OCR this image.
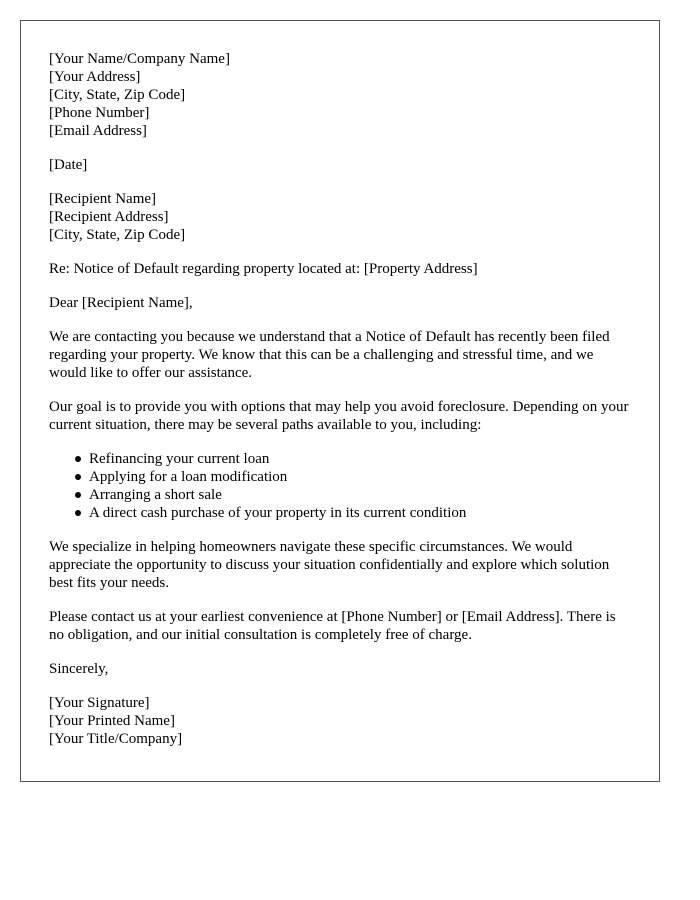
[Your Name/Company Name]

[Your Address]

[City, State, Zip Code]

[Phone Number]

[Email Address]

[Date]

[Recipient Name]

[Recipient Address]

[City, State, Zip Code]

Re: Notice of Default regarding property located at: [Property Address]

Dear [Recipient Name],

We are contacting you because we understand that a Notice of Default has recently been filed regarding your property. We know that this can be a challenging and stressful time, and we would like to offer our assistance.

Our goal is to provide you with options that may help you avoid foreclosure. Depending on your current situation, there may be several paths available to you, including:

Refinancing your current loan
Applying for a loan modification
Arranging a short sale
A direct cash purchase of your property in its current condition

We specialize in helping homeowners navigate these specific circumstances. We would appreciate the opportunity to discuss your situation confidentially and explore which solution best fits your needs.

Please contact us at your earliest convenience at [Phone Number] or [Email Address]. There is no obligation, and our initial consultation is completely free of charge.

Sincerely,

[Your Signature]

[Your Printed Name]

[Your Title/Company]
